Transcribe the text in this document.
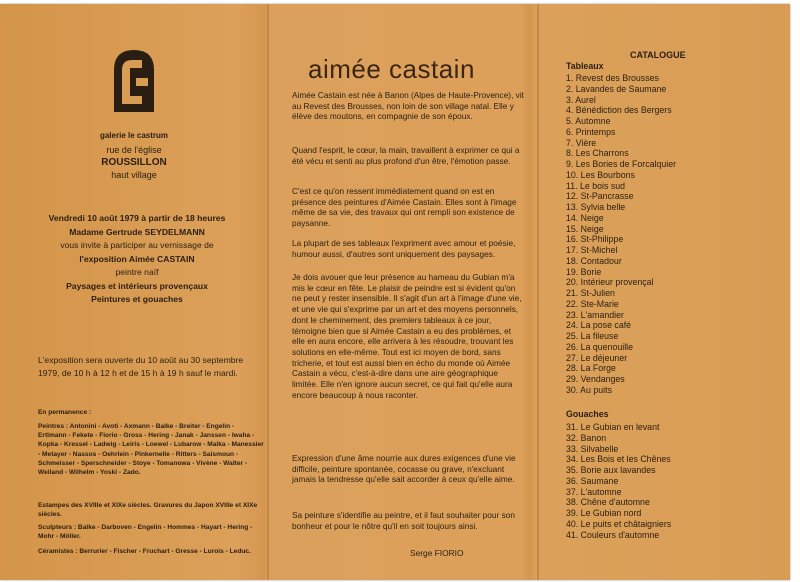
galerie le castrum
rue de l'église
ROUSSILLON
haut village
Vendredi 10 août 1979 à partir de 18 heures
Madame Gertrude SEYDELMANN
vous invite à participer au vernissage de
l'exposition Aimée CASTAIN
peintre naïf
Paysages et intérieurs provençaux
Peintures et gouaches
L'exposition sera ouverte du 10 août au 30 septembre 1979, de 10 h à 12 h et de 15 h à 19 h sauf le mardi.
En permanence :
Peintres : Antonini - Avoti - Axmann - Balke - Breiter - Engelin - Ertlmann - Fekete - Fiorio - Gross - Hering - Janak - Janssen - Iwaha - Kopka - Kressel - Ladwig - Leiris - Loewel - Lubarow - Malka - Manessier - Metayer - Nassos - Oehrlein - Pinkernelle - Ritters - Saismoun - Schmeisser - Sperschneider - Stoye - Tomanowa - Vivène - Walter - Weiland - Wilhelm - Yoski - Zado.
Estampes des XVIIIe et XIXe siècles. Gravures du Japon XVIIIe et XIXe siècles.
Sculpteurs : Balke - Darboven - Engelin - Hommes - Hayart - Hering - Mohr - Möller.
Céramistes : Berrurier - Fischer - Fruchart - Gresse - Lurois - Leduc.
aimée castain
Aimée Castain est née à Banon (Alpes de Haute-Provence), vit au Revest des Brousses, non loin de son village natal. Elle y élève des moutons, en compagnie de son époux.
Quand l'esprit, le cœur, la main, travaillent à exprimer ce qui a été vécu et senti au plus profond d'un être, l'émotion passe.
C'est ce qu'on ressent immédiatement quand on est en présence des peintures d'Aimée Castain. Elles sont à l'image même de sa vie, des travaux qui ont rempli son existence de paysanne.
La plupart de ses tableaux l'expriment avec amour et poésie, humour aussi, d'autres sont uniquement des paysages.
Je dois avouer que leur présence au hameau du Gubian m'a mis le cœur en fête. Le plaisir de peindre est si évident qu'on ne peut y rester insensible. Il s'agit d'un art à l'image d'une vie, et une vie qui s'exprime par un art et des moyens personnels, dont le cheminement, des premiers tableaux à ce jour, témoigne bien que si Aimée Castain a eu des problèmes, et elle en aura encore, elle arrivera à les résoudre, trouvant les solutions en elle-même. Tout est ici moyen de bord, sans tricherie, et tout est aussi bien en écho du monde où Aimée Castain a vécu, c'est-à-dire dans une aire géographique limitée. Elle n'en ignore aucun secret, ce qui fait qu'elle aura encore beaucoup à nous raconter.
Expression d'une âme nourrie aux dures exigences d'une vie difficile, peinture spontanée, cocasse ou grave, n'excluant jamais la tendresse qu'elle sait accorder à ceux qu'elle aime.
Sa peinture s'identifie au peintre, et il faut souhaiter pour son bonheur et pour le nôtre qu'il en soit toujours ainsi.
Serge FIORIO
CATALOGUE
Tableaux
1. Revest des Brousses
2. Lavandes de Saumane
3. Aurel
4. Bénédiction des Bergers
5. Automne
6. Printemps
7. Vière
8. Les Charrons
9. Les Bories de Forcalquier
10. Les Bourbons
11. Le bois sud
12. St-Pancrasse
13. Sylvia belle
14. Neige
15. Neige
16. St-Philippe
17. St-Michel
18. Contadour
19. Borie
20. Intérieur provençal
21. St-Julien
22. Ste-Marie
23. L'amandier
24. La pose café
25. La fileuse
26. La quenouille
27. Le déjeuner
28. La Forge
29. Vendanges
30. Au puits
Gouaches
31. Le Gubian en levant
32. Banon
33. Silvabelle
34. Les Bois et les Chênes
35. Borie aux lavandes
36. Saumane
37. L'automne
38. Chêne d'automne
39. Le Gubian nord
40. Le puits et châtaigniers
41. Couleurs d'automne
